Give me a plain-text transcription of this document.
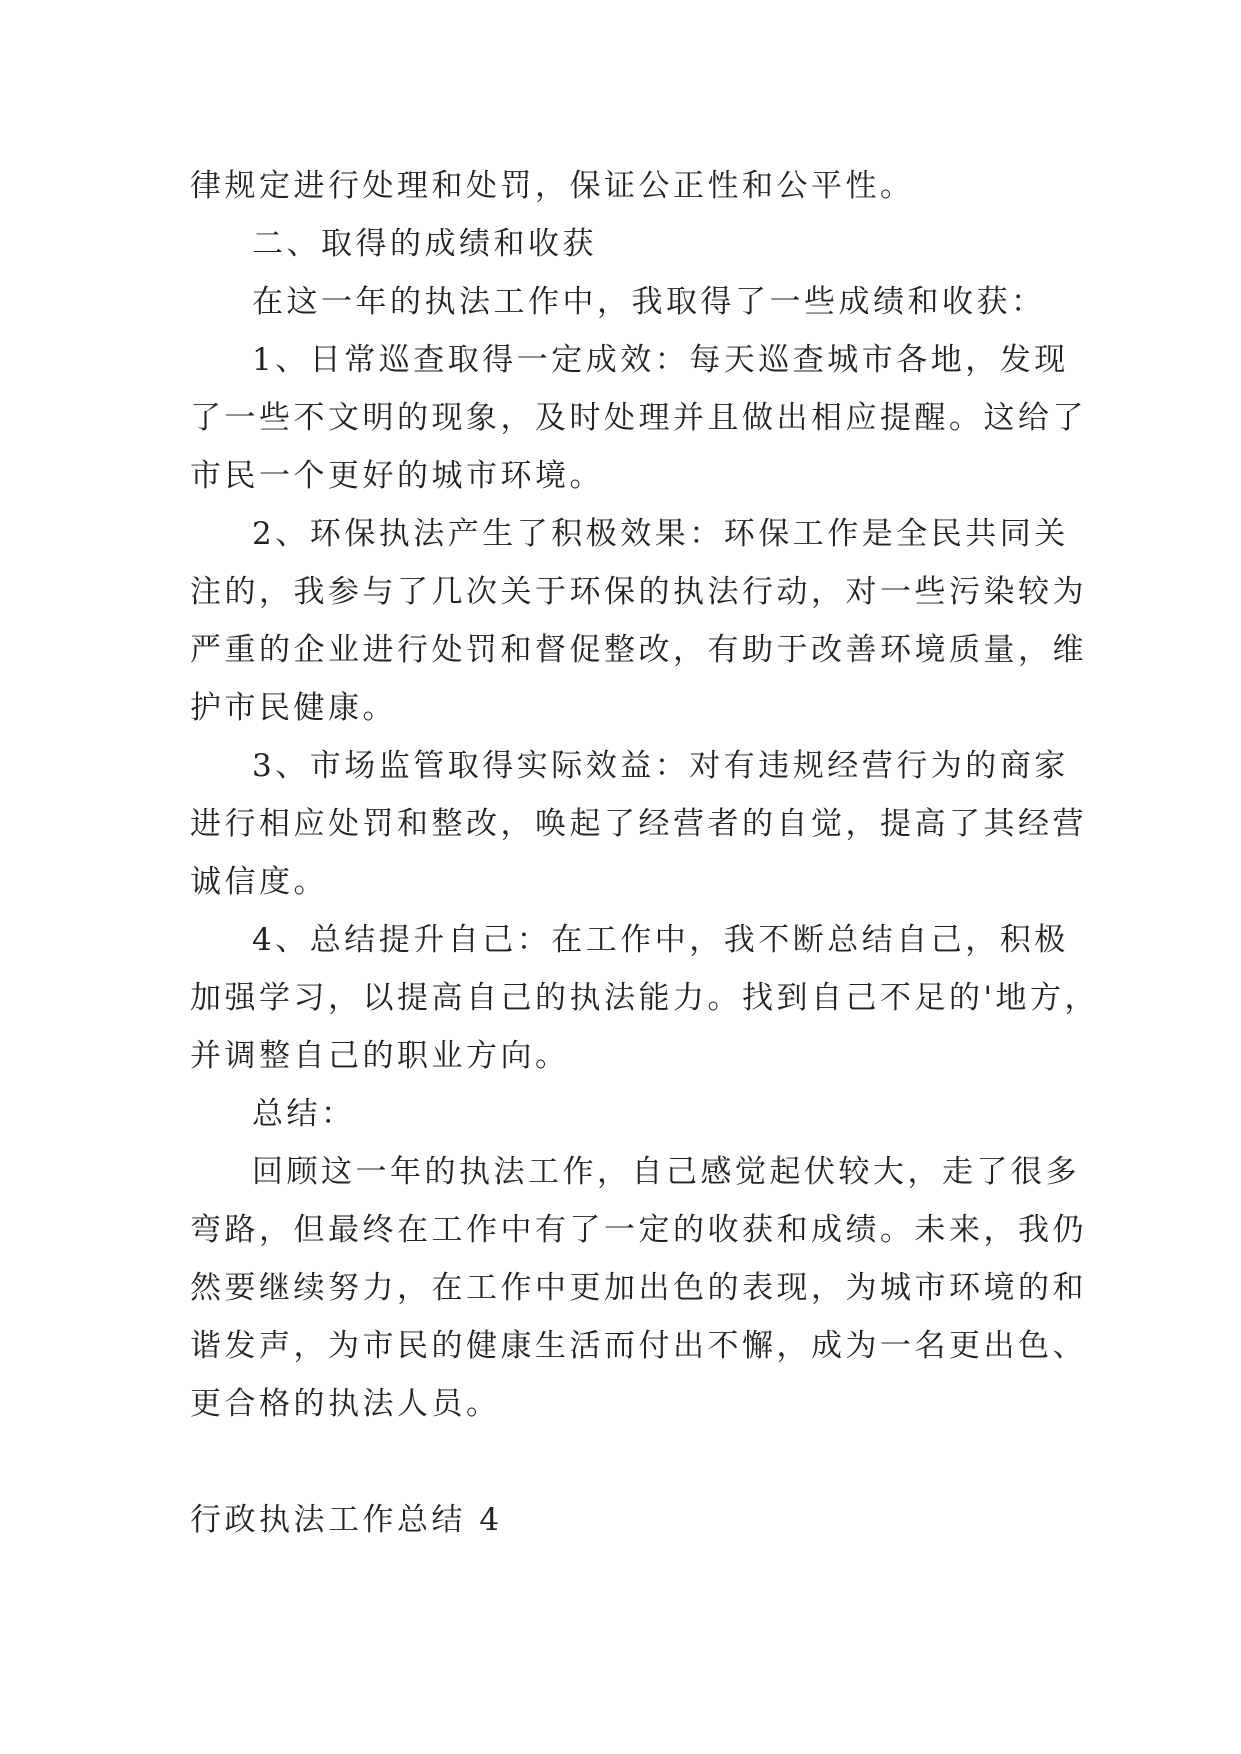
律规定进行处理和处罚，保证公正性和公平性。
二、取得的成绩和收获
在这一年的执法工作中，我取得了一些成绩和收获：
1、日常巡查取得一定成效：每天巡查城市各地，发现
了一些不文明的现象，及时处理并且做出相应提醒。这给了
市民一个更好的城市环境。
2、环保执法产生了积极效果：环保工作是全民共同关
注的，我参与了几次关于环保的执法行动，对一些污染较为
严重的企业进行处罚和督促整改，有助于改善环境质量，维
护市民健康。
3、市场监管取得实际效益：对有违规经营行为的商家
进行相应处罚和整改，唤起了经营者的自觉，提高了其经营
诚信度。
4、总结提升自己：在工作中，我不断总结自己，积极
加强学习，以提高自己的执法能力。找到自己不足的'地方，
并调整自己的职业方向。
总结：
回顾这一年的执法工作，自己感觉起伏较大，走了很多
弯路，但最终在工作中有了一定的收获和成绩。未来，我仍
然要继续努力，在工作中更加出色的表现，为城市环境的和
谐发声，为市民的健康生活而付出不懈，成为一名更出色、
更合格的执法人员。
行政执法工作总结 4
